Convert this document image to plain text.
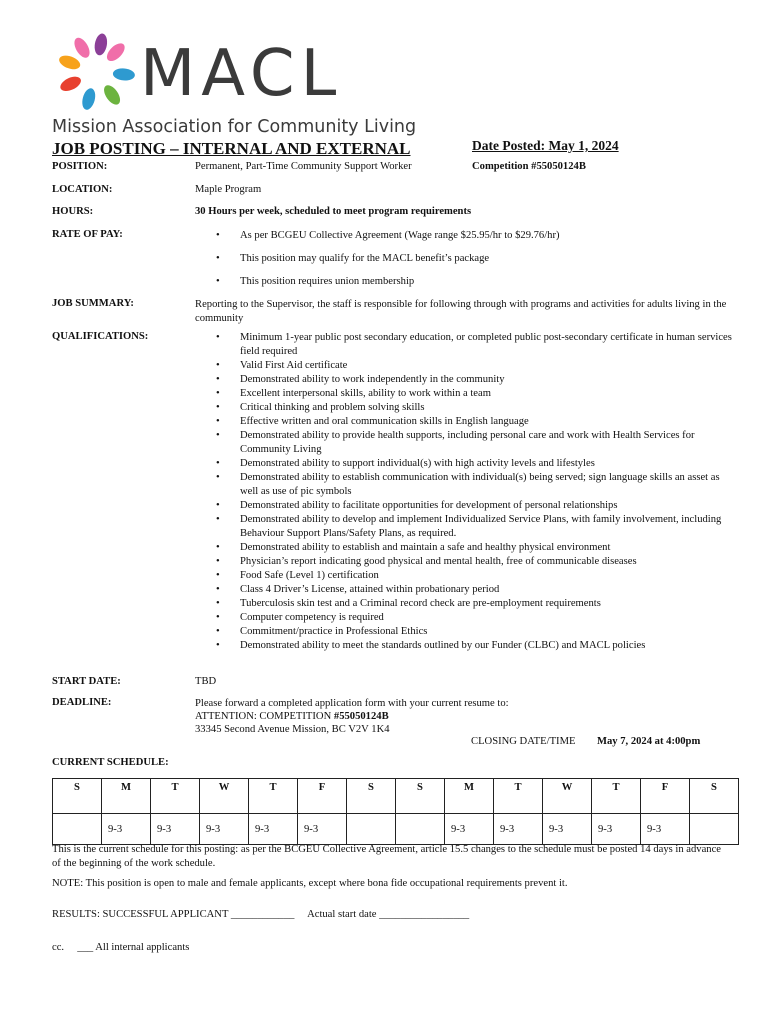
MACL
Mission Association for Community Living
JOB POSTING – INTERNAL AND EXTERNAL	Date Posted: May 1, 2024
POSITION:	Permanent, Part-Time Community Support Worker	Competition #55050124B
LOCATION:	Maple Program
HOURS:	30 Hours per week, scheduled to meet program requirements
RATE OF PAY:	• As per BCGEU Collective Agreement (Wage range $25.95/hr to $29.76/hr)
• This position may qualify for the MACL benefit’s package
• This position requires union membership
JOB SUMMARY:	Reporting to the Supervisor, the staff is responsible for following through with programs and activities for adults living in the community
QUALIFICATIONS:	• Minimum 1-year public post secondary education, or completed public post-secondary certificate in human services field required
• Valid First Aid certificate
• Demonstrated ability to work independently in the community
• Excellent interpersonal skills, ability to work within a team
• Critical thinking and problem solving skills
• Effective written and oral communication skills in English language
• Demonstrated ability to provide health supports, including personal care and work with Health Services for Community Living
• Demonstrated ability to support individual(s) with high activity levels and lifestyles
• Demonstrated ability to establish communication with individual(s) being served; sign language skills an asset as well as use of pic symbols
• Demonstrated ability to facilitate opportunities for development of personal relationships
• Demonstrated ability to develop and implement Individualized Service Plans, with family involvement, including Behaviour Support Plans/Safety Plans, as required.
• Demonstrated ability to establish and maintain a safe and healthy physical environment
• Physician’s report indicating good physical and mental health, free of communicable diseases
• Food Safe (Level 1) certification
• Class 4 Driver’s License, attained within probationary period
• Tuberculosis skin test and a Criminal record check are pre-employment requirements
• Computer competency is required
• Commitment/practice in Professional Ethics
• Demonstrated ability to meet the standards outlined by our Funder (CLBC) and MACL policies
START DATE:	TBD
DEADLINE:	Please forward a completed application form with your current resume to:
ATTENTION: COMPETITION #55050124B
33345 Second Avenue Mission, BC V2V 1K4
CLOSING DATE/TIME May 7, 2024 at 4:00pm
CURRENT SCHEDULE:
S	M	T	W	T	F	S	S	M	T	W	T	F	S
	9-3	9-3	9-3	9-3	9-3			9-3	9-3	9-3	9-3	9-3	
This is the current schedule for this posting: as per the BCGEU Collective Agreement, article 15.5 changes to the schedule must be posted 14 days in advance of the beginning of the work schedule.
NOTE: This position is open to male and female applicants, except where bona fide occupational requirements prevent it.
RESULTS: SUCCESSFUL APPLICANT ____________     Actual start date _________________
cc.     ___ All internal applicants
